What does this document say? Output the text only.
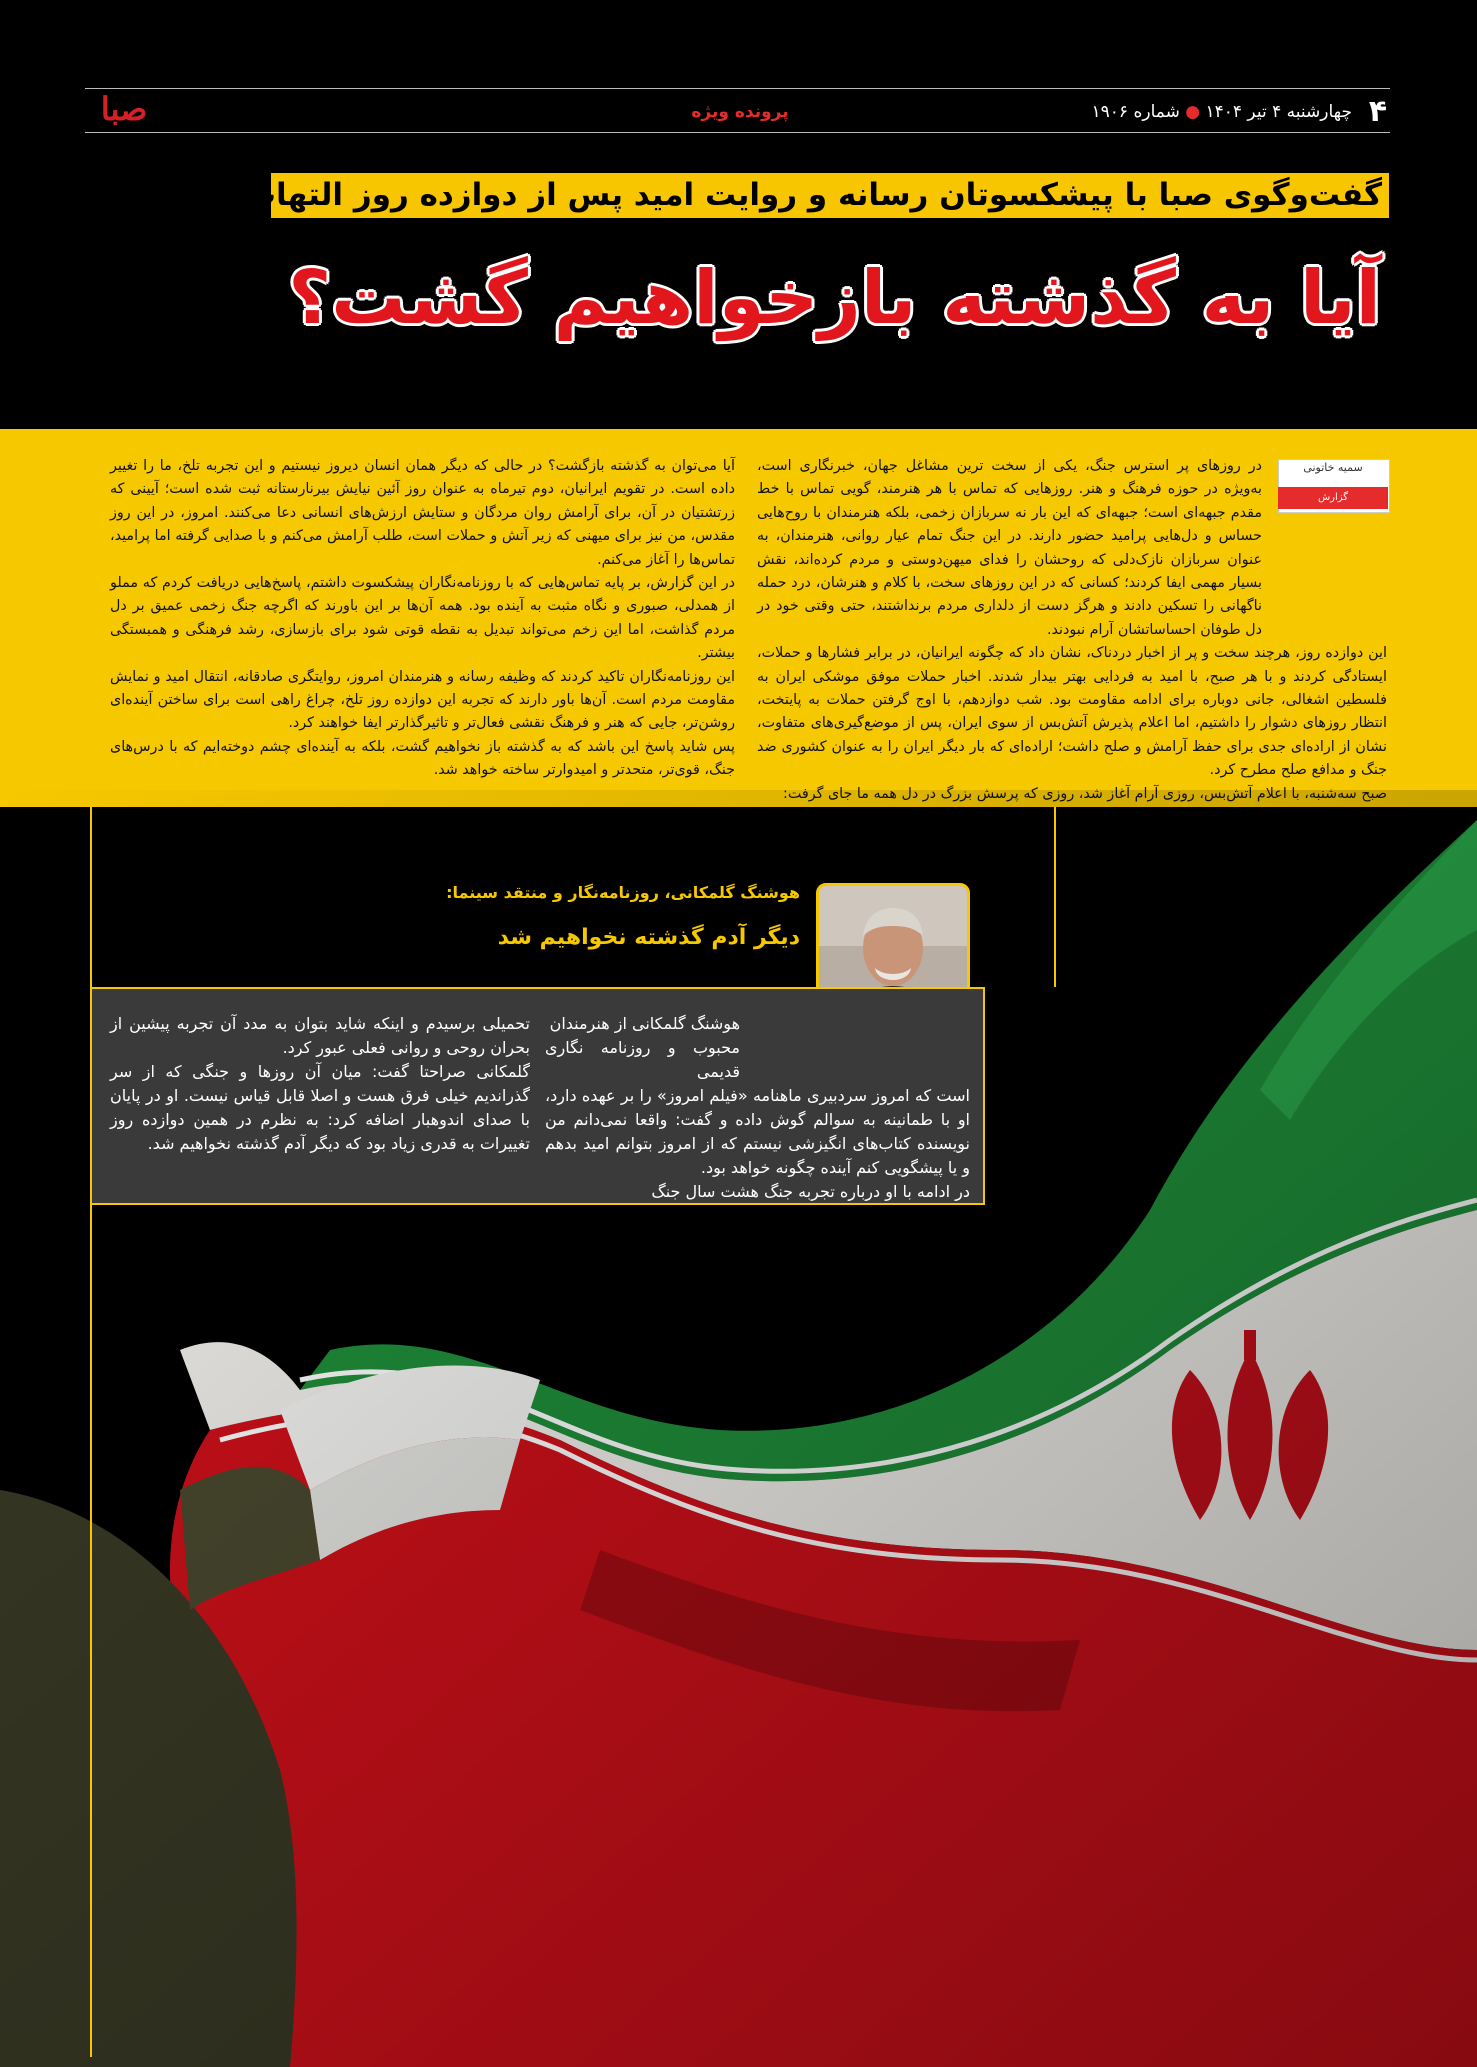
۴
چهارشنبه ۴ تیر ۱۴۰۴ ● شماره ۱۹۰۶
پرونده ویژه
صبا
گفت‌وگوی صبا با پیشکسوتان رسانه و روایت امید پس از دوازده روز التهاب
آیا به گذشته بازخواهیم گشت؟
سمیه خاتونی
گزارش

در روزهای پر استرس جنگ، یکی از سخت ترین مشاغل جهان، خبرنگاری است، به‌ویژه در حوزه فرهنگ و هنر. روزهایی که تماس با هر هنرمند، گویی تماس با خط مقدم جبهه‌ای است؛ جبهه‌ای که این بار نه سربازان زخمی، بلکه هنرمندان با روح‌هایی حساس و دل‌هایی پرامید حضور دارند. در این جنگ تمام عیار روانی، هنرمندان، به عنوان سربازان نازک‌دلی که روحشان را فدای میهن‌دوستی و مردم کرده‌اند، نقش بسیار مهمی ایفا کردند؛ کسانی که در این روزهای سخت، با کلام و هنرشان، درد حمله ناگهانی را تسکین دادند و هرگز دست از دلداری مردم برنداشتند، حتی وقتی خود در دل طوفان احساساتشان آرام نبودند.

این دوازده روز، هرچند سخت و پر از اخبار دردناک، نشان داد که چگونه ایرانیان، در برابر فشارها و حملات، ایستادگی کردند و با هر صبح، با امید به فردایی بهتر بیدار شدند. اخبار حملات موفق موشکی ایران به فلسطین اشغالی، جانی دوباره برای ادامه مقاومت بود. شب دوازدهم، با اوج گرفتن حملات به پایتخت، انتظار روزهای دشوار را داشتیم، اما اعلام پذیرش آتش‌بس از سوی ایران، پس از موضع‌گیری‌های متفاوت، نشان از اراده‌ای جدی برای حفظ آرامش و صلح داشت؛ اراده‌ای که بار دیگر ایران را به عنوان کشوری ضد جنگ و مدافع صلح مطرح کرد.

آیا می‌توان به گذشته بازگشت؟ در حالی که دیگر همان انسان دیروز نیستیم و این تجربه تلخ، ما را تغییر داده است. در تقویم ایرانیان، دوم تیرماه به عنوان روز آئین نیایش بیرنارستانه ثبت شده است؛ آیینی که زرتشتیان در آن، برای آرامش روان مردگان و ستایش ارزش‌های انسانی دعا می‌کنند. امروز، در این روز مقدس، من نیز برای میهنی که زیر آتش و حملات است، طلب آرامش می‌کنم و با صدایی گرفته اما پرامید، تماس‌ها را آغاز می‌کنم.

در این گزارش، بر پایه تماس‌هایی که با روزنامه‌نگاران پیشکسوت داشتم، پاسخ‌هایی دریافت کردم که مملو از همدلی، صبوری و نگاه مثبت به آینده بود. همه آن‌ها بر این باورند که اگرچه جنگ زخمی عمیق بر دل مردم گذاشت، اما این زخم می‌تواند تبدیل به نقطه قوتی شود برای بازسازی، رشد فرهنگی و همبستگی بیشتر.

این روزنامه‌نگاران تاکید کردند که وظیفه رسانه و هنرمندان امروز، روایتگری صادقانه، انتقال امید و نمایش مقاومت مردم است. آن‌ها باور دارند که تجربه این دوازده روز تلخ، چراغ راهی است برای ساختن آینده‌ای روشن‌تر، جایی که هنر و فرهنگ نقشی فعال‌تر و تاثیرگذارتر ایفا خواهند کرد.

پس شاید پاسخ این باشد که به گذشته باز نخواهیم گشت، بلکه به آینده‌ای چشم دوخته‌ایم که با درس‌های جنگ، قوی‌تر، متحدتر و امیدوارتر ساخته خواهد شد.

هوشنگ گلمکانی، روزنامه‌نگار و منتقد سینما:
دیگر آدم گذشته نخواهیم شد

هوشنگ گلمکانی از هنرمندان

محبوب و روزنامه نگاری قدیمی

است که امروز سردبیری ماهنامه «فیلم امروز» را بر عهده دارد، او با طمانینه به سوالم گوش داده و گفت: واقعا نمی‌دانم من نویسنده کتاب‌های انگیزشی نیستم که از امروز بتوانم امید بدهم و یا پیشگویی کنم آینده چگونه خواهد بود.

در ادامه با او درباره تجربه جنگ هشت سال جنگ

تحمیلی برسیدم و اینکه شاید بتوان به مدد آن تجربه پیشین از بحران روحی و روانی فعلی عبور کرد.

گلمکانی صراحتا گفت: میان آن روزها و جنگی که از سر گذراندیم خیلی فرق هست و اصلا قابل قیاس نیست. او در پایان با صدای اندوهبار اضافه کرد: به نظرم در همین دوازده روز تغییرات به قدری زیاد بود که دیگر آدم گذشته نخواهیم شد.
